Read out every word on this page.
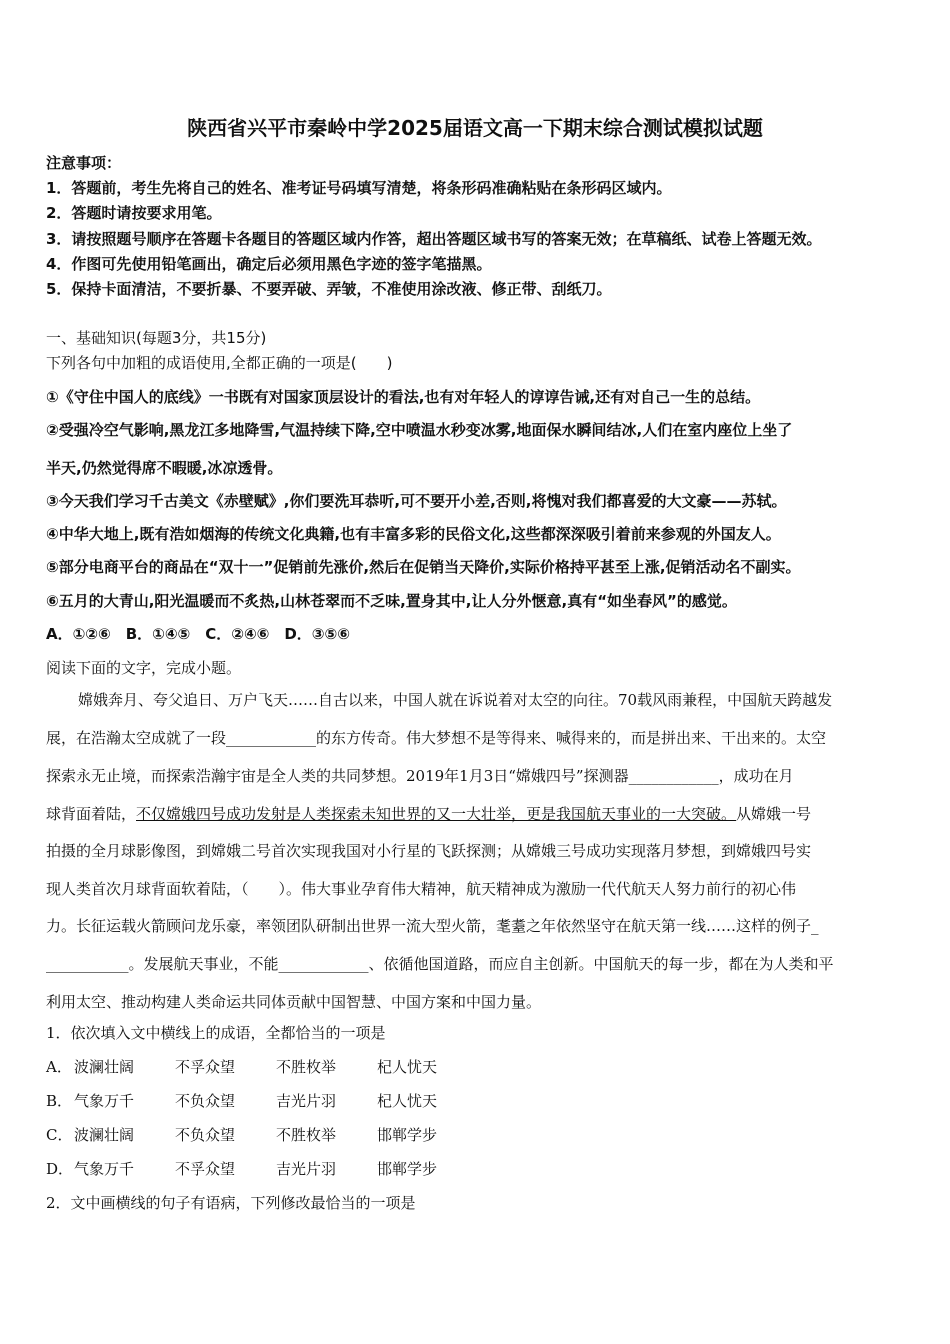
陕西省兴平市秦岭中学2025届语文高一下期末综合测试模拟试题
注意事项：
1．答题前，考生先将自己的姓名、准考证号码填写清楚，将条形码准确粘贴在条形码区域内。
2．答题时请按要求用笔。
3．请按照题号顺序在答题卡各题目的答题区域内作答，超出答题区域书写的答案无效；在草稿纸、试卷上答题无效。
4．作图可先使用铅笔画出，确定后必须用黑色字迹的签字笔描黑。
5．保持卡面清洁，不要折暴、不要弄破、弄皱，不准使用涂改液、修正带、刮纸刀。
一、基础知识(每题3分，共15分)
下列各句中加粗的成语使用,全都正确的一项是(　　)
①《守住中国人的底线》一书既有对国家顶层设计的看法,也有对年轻人的谆谆告诫,还有对自己一生的总结。
②受强冷空气影响,黑龙江多地降雪,气温持续下降,空中喷温水秒变冰雾,地面保水瞬间结冰,人们在室内座位上坐了
半天,仍然觉得席不暇暖,冰凉透骨。
③今天我们学习千古美文《赤壁赋》,你们要洗耳恭听,可不要开小差,否则,将愧对我们都喜爱的大文豪——苏轼。
④中华大地上,既有浩如烟海的传统文化典籍,也有丰富多彩的民俗文化,这些都深深吸引着前来参观的外国友人。
⑤部分电商平台的商品在“双十一”促销前先涨价,然后在促销当天降价,实际价格持平甚至上涨,促销活动名不副实。
⑥五月的大青山,阳光温暖而不炙热,山林苍翠而不乏味,置身其中,让人分外惬意,真有“如坐春风”的感觉。
A．①②⑥　B．①④⑤　C．②④⑥　D．③⑤⑥
阅读下面的文字，完成小题。
嫦娥奔月、夸父追日、万户飞天……自古以来，中国人就在诉说着对太空的向往。70载风雨兼程，中国航天跨越发
展，在浩瀚太空成就了一段____________的东方传奇。伟大梦想不是等得来、喊得来的，而是拼出来、干出来的。太空
探索永无止境，而探索浩瀚宇宙是全人类的共同梦想。2019年1月3日“嫦娥四号”探测器____________，成功在月
球背面着陆，不仅嫦娥四号成功发射是人类探索未知世界的又一大壮举，更是我国航天事业的一大突破。从嫦娥一号
拍摄的全月球影像图，到嫦娥二号首次实现我国对小行星的飞跃探测；从嫦娥三号成功实现落月梦想，到嫦娥四号实
现人类首次月球背面软着陆，（　　）。伟大事业孕育伟大精神，航天精神成为激励一代代航天人努力前行的初心伟
力。长征运载火箭顾问龙乐豪，率领团队研制出世界一流大型火箭，耄耋之年依然坚守在航天第一线……这样的例子_
___________。发展航天事业，不能____________、依循他国道路，而应自主创新。中国航天的每一步，都在为人类和平
利用太空、推动构建人类命运共同体贡献中国智慧、中国方案和中国力量。
1．依次填入文中横线上的成语，全都恰当的一项是
A． 波澜壮阔	不孚众望	不胜枚举	杞人忧天
B． 气象万千	不负众望	吉光片羽	杞人忧天
C． 波澜壮阔	不负众望	不胜枚举	邯郸学步
D．气象万千	不孚众望	吉光片羽	邯郸学步
2．文中画横线的句子有语病，下列修改最恰当的一项是
